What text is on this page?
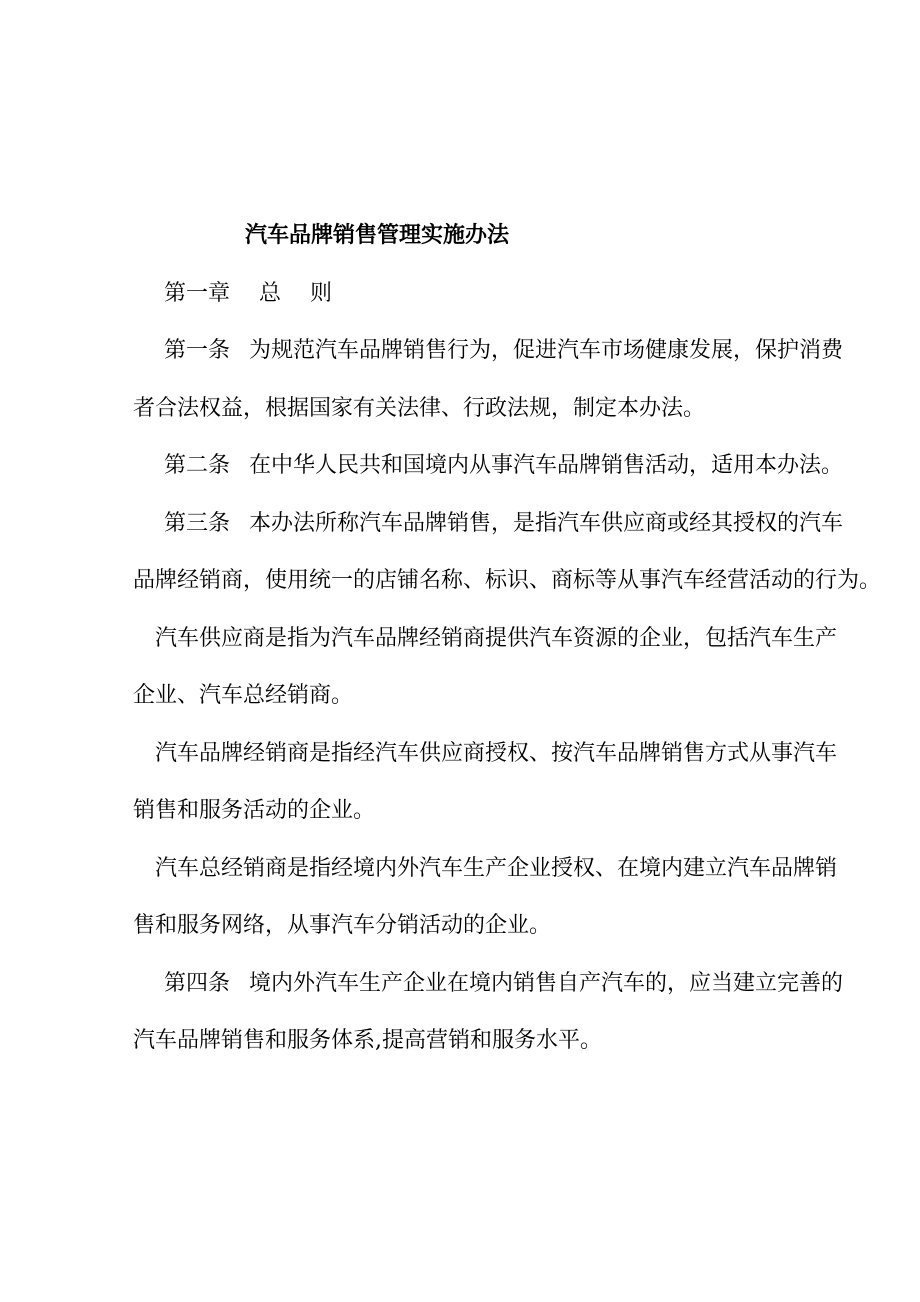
汽车品牌销售管理实施办法
第一章 总 则
第一条 为规范汽车品牌销售行为，促进汽车市场健康发展，保护消费
者合法权益，根据国家有关法律、行政法规，制定本办法。
第二条 在中华人民共和国境内从事汽车品牌销售活动，适用本办法。
第三条 本办法所称汽车品牌销售，是指汽车供应商或经其授权的汽车
品牌经销商，使用统一的店铺名称、标识、商标等从事汽车经营活动的行为。
汽车供应商是指为汽车品牌经销商提供汽车资源的企业，包括汽车生产
企业、汽车总经销商。
汽车品牌经销商是指经汽车供应商授权、按汽车品牌销售方式从事汽车
销售和服务活动的企业。
汽车总经销商是指经境内外汽车生产企业授权、在境内建立汽车品牌销
售和服务网络，从事汽车分销活动的企业。
第四条 境内外汽车生产企业在境内销售自产汽车的，应当建立完善的
汽车品牌销售和服务体系,提高营销和服务水平。
